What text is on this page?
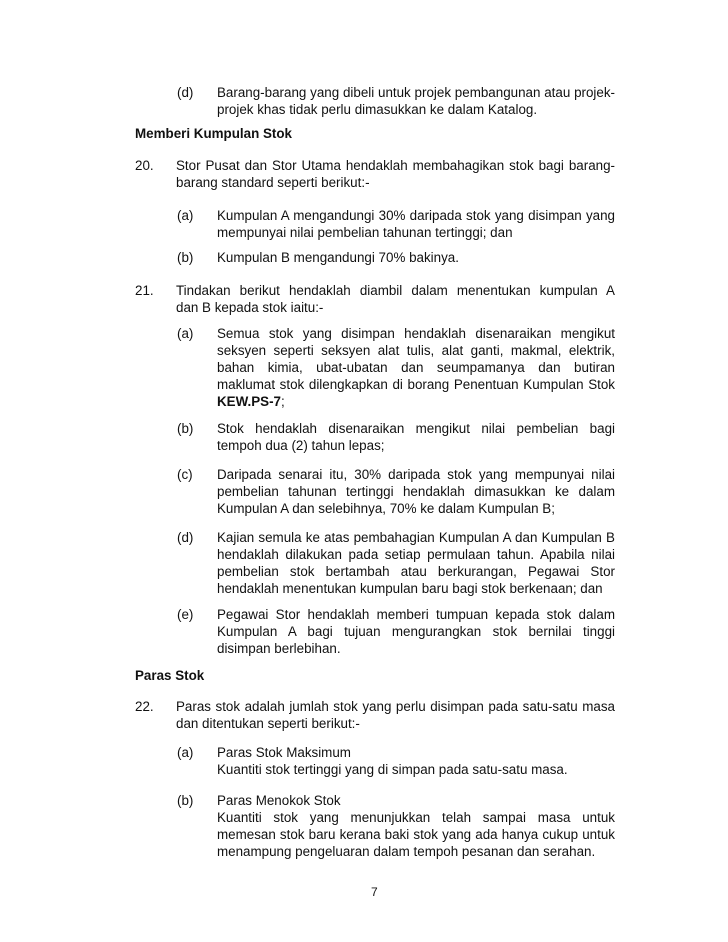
(d) Barang-barang yang dibeli untuk projek pembangunan atau projek-
projek khas tidak perlu dimasukkan ke dalam Katalog.
Memberi Kumpulan Stok
20. Stor Pusat dan Stor Utama hendaklah membahagikan stok bagi barang-
barang standard seperti berikut:-
(a) Kumpulan A mengandungi 30% daripada stok yang disimpan yang
mempunyai nilai pembelian tahunan tertinggi; dan
(b) Kumpulan B mengandungi 70% bakinya.
21. Tindakan berikut hendaklah diambil dalam menentukan kumpulan A
dan B kepada stok iaitu:-
(a) Semua stok yang disimpan hendaklah disenaraikan mengikut
seksyen seperti seksyen alat tulis, alat ganti, makmal, elektrik,
bahan kimia, ubat-ubatan dan seumpamanya dan butiran
maklumat stok dilengkapkan di borang Penentuan Kumpulan Stok
KEW.PS-7;
(b) Stok hendaklah disenaraikan mengikut nilai pembelian bagi
tempoh dua (2) tahun lepas;
(c) Daripada senarai itu, 30% daripada stok yang mempunyai nilai
pembelian tahunan tertinggi hendaklah dimasukkan ke dalam
Kumpulan A dan selebihnya, 70% ke dalam Kumpulan B;
(d) Kajian semula ke atas pembahagian Kumpulan A dan Kumpulan B
hendaklah dilakukan pada setiap permulaan tahun. Apabila nilai
pembelian stok bertambah atau berkurangan, Pegawai Stor
hendaklah menentukan kumpulan baru bagi stok berkenaan; dan
(e) Pegawai Stor hendaklah memberi tumpuan kepada stok dalam
Kumpulan A bagi tujuan mengurangkan stok bernilai tinggi
disimpan berlebihan.
Paras Stok
22. Paras stok adalah jumlah stok yang perlu disimpan pada satu-satu masa
dan ditentukan seperti berikut:-
(a) Paras Stok Maksimum
Kuantiti stok tertinggi yang di simpan pada satu-satu masa.
(b) Paras Menokok Stok
Kuantiti stok yang menunjukkan telah sampai masa untuk
memesan stok baru kerana baki stok yang ada hanya cukup untuk
menampung pengeluaran dalam tempoh pesanan dan serahan.
7
